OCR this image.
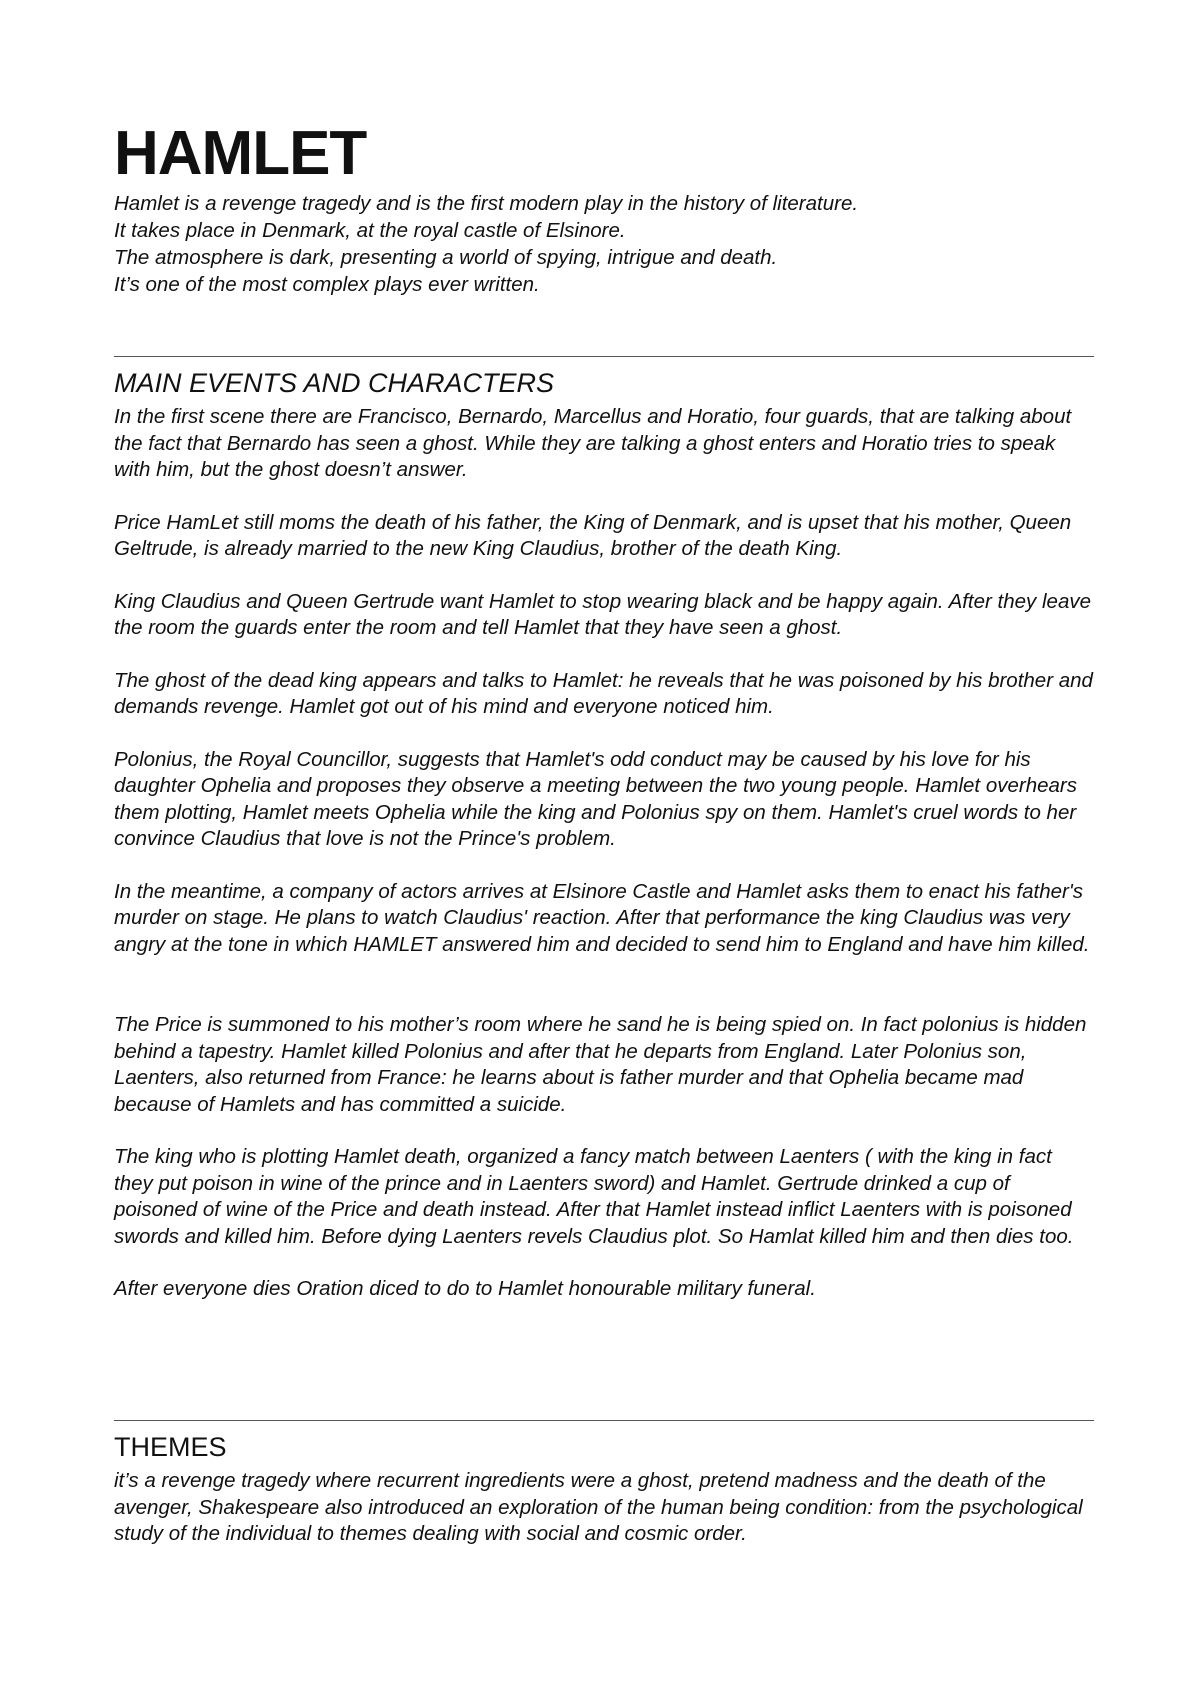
HAMLET

Hamlet is a revenge tragedy and is the first modern play in the history of literature.

It takes place in Denmark, at the royal castle of Elsinore.

The atmosphere is dark, presenting a world of spying, intrigue and death.

It’s one of the most complex plays ever written.

MAIN EVENTS AND CHARACTERS

In the first scene there are Francisco, Bernardo, Marcellus and Horatio, four guards, that are talking about the fact that Bernardo has seen a ghost. While they are talking a ghost enters and Horatio tries to speak with him, but the ghost doesn’t answer.

Price HamLet still moms the death of his father, the King of Denmark, and is upset that his mother, Queen Geltrude, is already married to the new King Claudius, brother of the death King.

King Claudius and Queen Gertrude want Hamlet to stop wearing black and be happy again. After they leave the room the guards enter the room and tell Hamlet that they have seen a ghost.

The ghost of the dead king appears and talks to Hamlet: he reveals that he was poisoned by his brother and demands revenge. Hamlet got out of his mind and everyone noticed him.

Polonius, the Royal Councillor, suggests that Hamlet's odd conduct may be caused by his love for his daughter Ophelia and proposes they observe a meeting between the two young people. Hamlet overhears them plotting, Hamlet meets Ophelia while the king and Polonius spy on them. Hamlet's cruel words to her convince Claudius that love is not the Prince's problem.

In the meantime, a company of actors arrives at Elsinore Castle and Hamlet asks them to enact his father's murder on stage. He plans to watch Claudius' reaction. After that performance the king Claudius was very angry at the tone in which HAMLET answered him and decided to send him to England and have him killed.

The Price is summoned to his mother’s room where he sand he is being spied on. In fact polonius is hidden behind a tapestry. Hamlet killed Polonius and after that he departs from England. Later Polonius son, Laenters, also returned from France: he learns about is father murder and that Ophelia became mad because of Hamlets and has committed a suicide.

The king who is plotting Hamlet death, organized a fancy match between Laenters ( with the king in fact they put poison in wine of the prince and in Laenters sword) and Hamlet. Gertrude drinked a cup of poisoned of wine of the Price and death instead. After that Hamlet instead inflict Laenters with is poisoned swords and killed him. Before dying Laenters revels Claudius plot. So Hamlat killed him and then dies too.

After everyone dies Oration diced to do to Hamlet honourable military funeral.

THEMES

it’s a revenge tragedy where recurrent ingredients were a ghost, pretend madness and the death of the avenger, Shakespeare also introduced an exploration of the human being condition: from the psychological study of the individual to themes dealing with social and cosmic order.
